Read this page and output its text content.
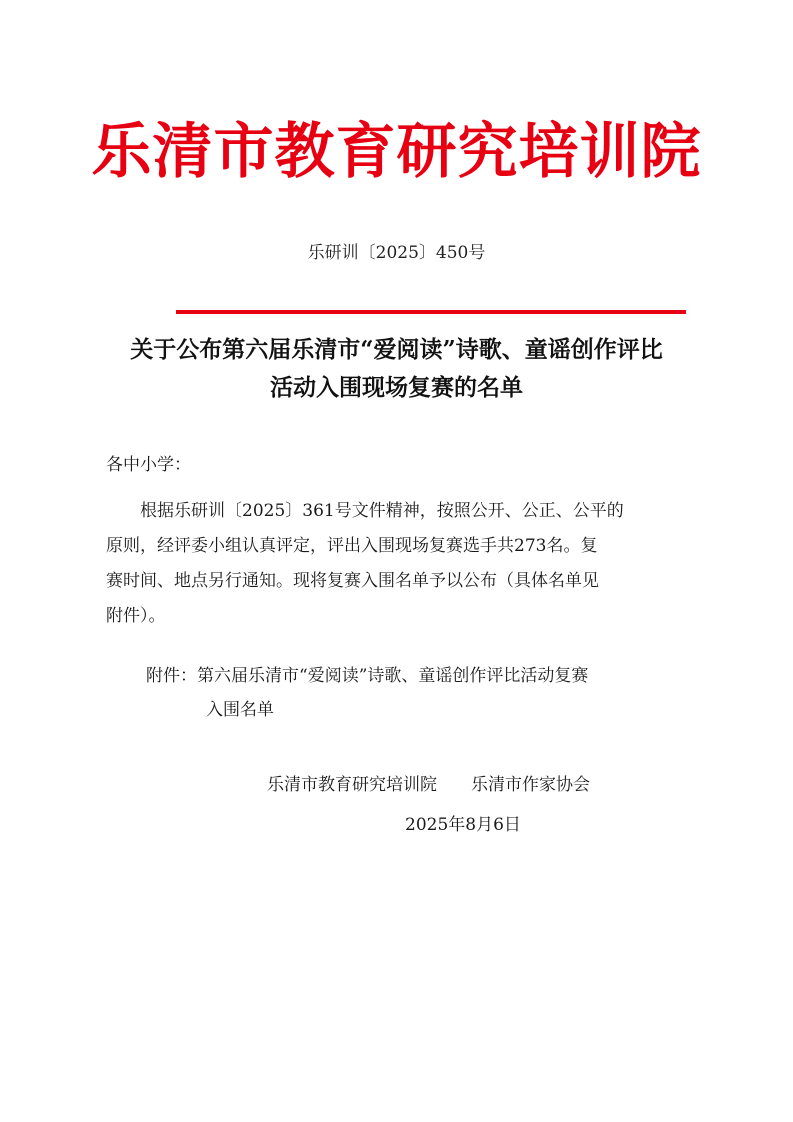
乐清市教育研究培训院
乐研训〔2025〕450号
关于公布第六届乐清市“爱阅读”诗歌、童谣创作评比
活动入围现场复赛的名单
各中小学：
　　根据乐研训〔2025〕361号文件精神，按照公开、公正、公平的
原则，经评委小组认真评定，评出入围现场复赛选手共273名。复
赛时间、地点另行通知。现将复赛入围名单予以公布（具体名单见
附件）。
附件：第六届乐清市“爱阅读”诗歌、童谣创作评比活动复赛
入围名单
乐清市教育研究培训院 乐清市作家协会
2025年8月6日
